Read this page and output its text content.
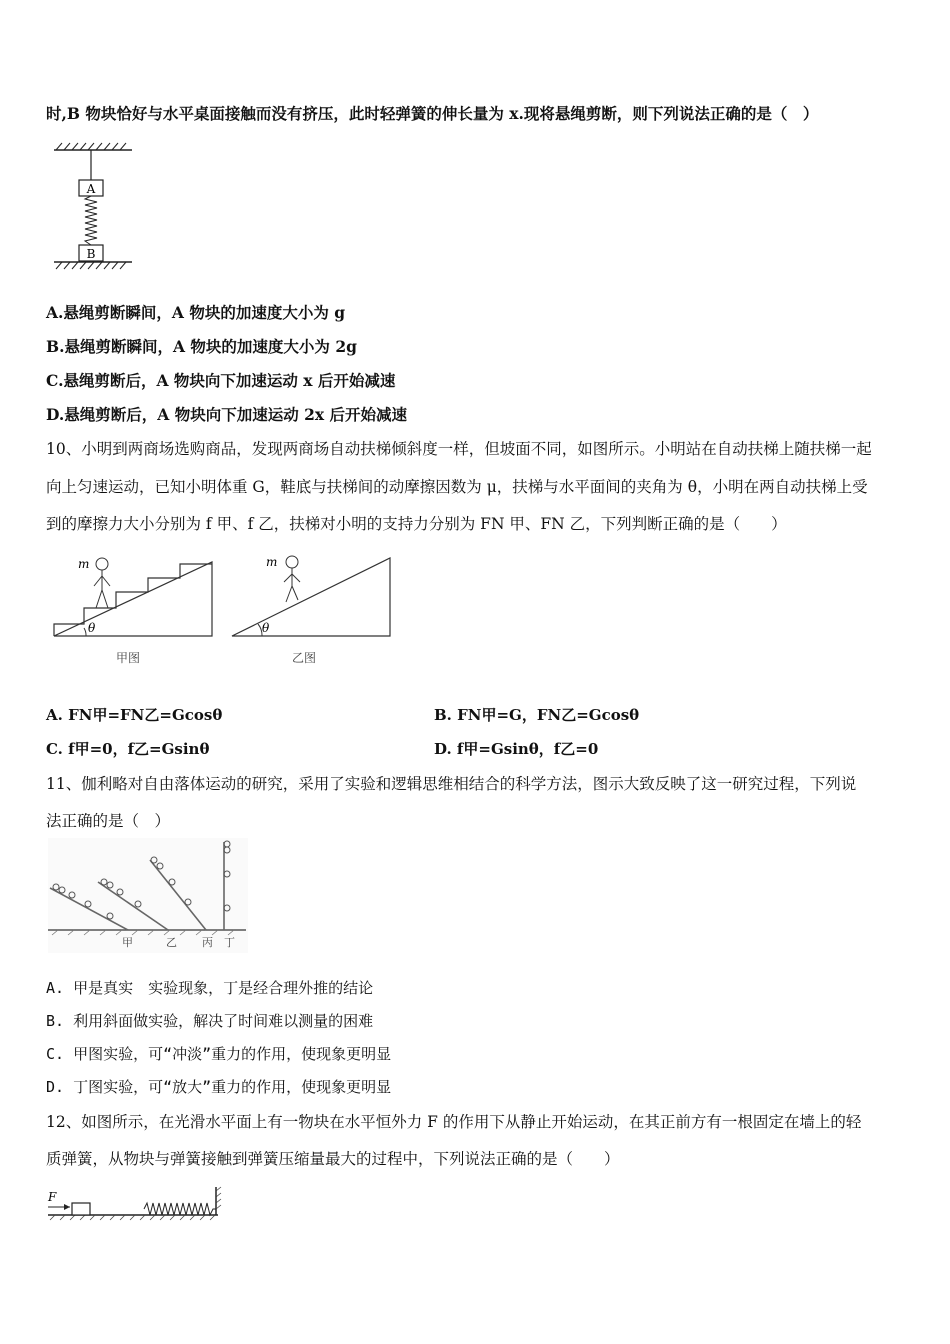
时,B 物块恰好与水平桌面接触而没有挤压，此时轻弹簧的伸长量为 x.现将悬绳剪断，则下列说法正确的是（　）
A
B
A.悬绳剪断瞬间，A 物块的加速度大小为 g
B.悬绳剪断瞬间，A 物块的加速度大小为 2g
C.悬绳剪断后，A 物块向下加速运动 x 后开始减速
D.悬绳剪断后，A 物块向下加速运动 2x 后开始减速
10、小明到两商场选购商品，发现两商场自动扶梯倾斜度一样，但坡面不同，如图所示。小明站在自动扶梯上随扶梯一起
向上匀速运动，已知小明体重 G，鞋底与扶梯间的动摩擦因数为 μ，扶梯与水平面间的夹角为 θ，小明在两自动扶梯上受
到的摩擦力大小分别为 f 甲、f 乙，扶梯对小明的支持力分别为 FN 甲、FN 乙，下列判断正确的是（　　）
θ
m
甲图
θ
m
乙图
A. FN甲=FN乙=Gcosθ	B. FN甲=G，FN乙=Gcosθ
C. f甲=0，f乙=Gsinθ	D. f甲=Gsinθ，f乙=0
11、伽利略对自由落体运动的研究，采用了实验和逻辑思维相结合的科学方法，图示大致反映了这一研究过程，下列说
法正确的是（　）
甲	乙 丙 丁
A. 甲是真实　实验现象，丁是经合理外推的结论
B. 利用斜面做实验，解决了时间难以测量的困难
C. 甲图实验，可“冲淡”重力的作用，使现象更明显
D. 丁图实验，可“放大”重力的作用，使现象更明显
12、如图所示，在光滑水平面上有一物块在水平恒外力 F 的作用下从静止开始运动，在其正前方有一根固定在墙上的轻
质弹簧，从物块与弹簧接触到弹簧压缩量最大的过程中，下列说法正确的是（　　）
F
